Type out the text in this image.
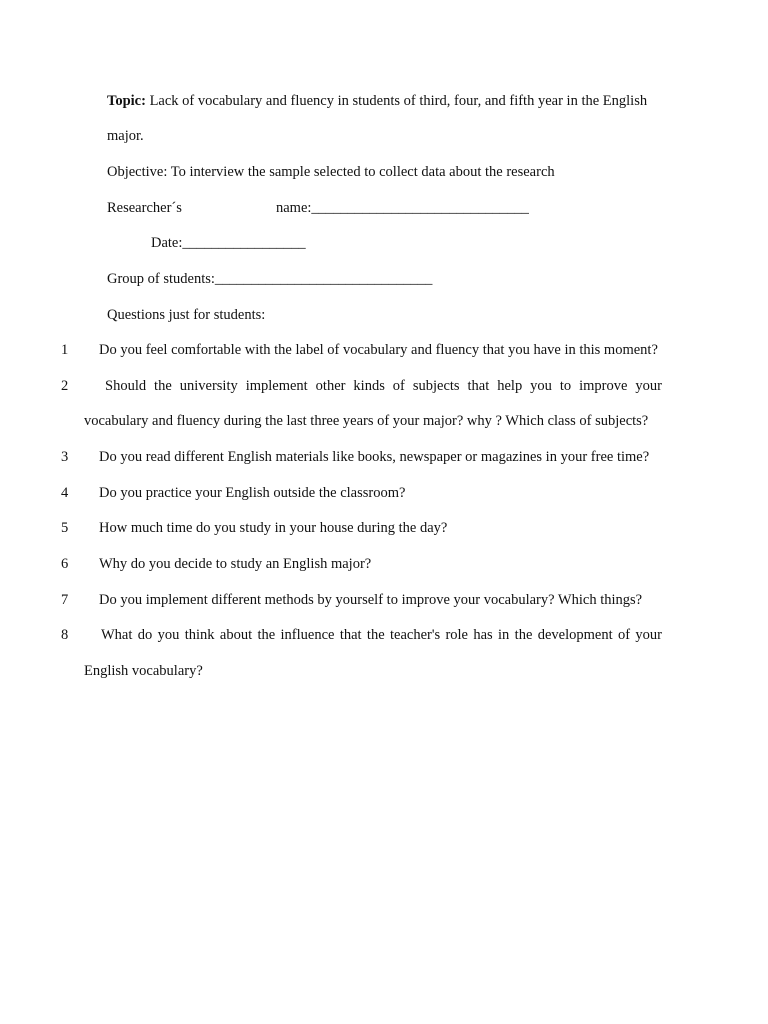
Topic: Lack of vocabulary and fluency in students of third, four, and fifth year in the English
major.
Objective: To interview the sample selected to collect data about the research
Researcher´s	name:______________________________
Date:_________________
Group of students:______________________________
Questions just for students:
1	Do you feel comfortable with the label of vocabulary and fluency that you have in this moment?
2	Should the university implement other kinds of subjects that help you to improve your
vocabulary and fluency during the last three years of your major? why ? Which class of subjects?
3	Do you read different English materials like books, newspaper or magazines in your free time?
4	Do you practice your English outside the classroom?
5	How much time do you study in your house during the day?
6	Why do you decide to study an English major?
7	Do you implement different methods by yourself to improve your vocabulary? Which things?
8	What do you think about the influence that the teacher's role has in the development of your
English vocabulary?
